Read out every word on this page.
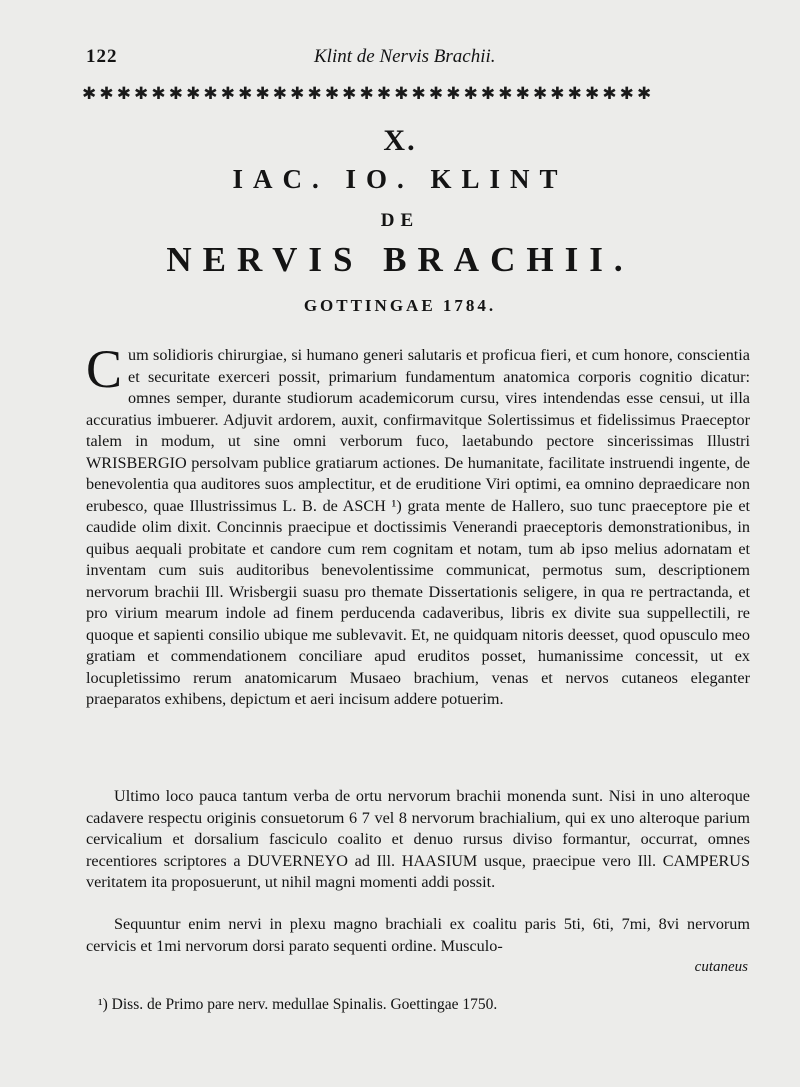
122	Klint de Nervis Brachii.
✱✱✱✱✱✱✱✱✱✱✱✱✱✱✱✱✱✱✱✱✱✱✱✱✱✱✱✱✱✱✱✱✱
X.
IAC. IO. KLINT
DE
NERVIS BRACHII.
GOTTINGAE 1784.

Cum solidioris chirurgiae, si humano generi salutaris et proficua fieri, et cum honore, conscientia et securitate exerceri possit, primarium fundamentum anatomica corporis cognitio dicatur: omnes semper, durante studiorum academicorum cursu, vires intendendas esse censui, ut illa accuratius imbuerer. Adjuvit ardorem, auxit, confirmavitque Solertissimus et fidelissimus Praeceptor talem in modum, ut sine omni verborum fuco, laetabundo pectore sincerissimas Illustri WRISBERGIO persolvam publice gratiarum actiones. De humanitate, facilitate instruendi ingente, de benevolentia qua auditores suos amplectitur, et de eruditione Viri optimi, ea omnino depraedicare non erubesco, quae Illustrissimus L. B. de ASCH ¹) grata mente de Hallero, suo tunc praeceptore pie et caudide olim dixit. Concinnis praecipue et doctissimis Venerandi praeceptoris demonstrationibus, in quibus aequali probitate et candore cum rem cognitam et notam, tum ab ipso melius adornatam et inventam cum suis auditoribus benevolentissime communicat, permotus sum, descriptionem nervorum brachii Ill. Wrisbergii suasu pro themate Dissertationis seligere, in qua re pertractanda, et pro virium mearum indole ad finem perducenda cadaveribus, libris ex divite sua suppellectili, re quoque et sapienti consilio ubique me sublevavit. Et, ne quidquam nitoris deesset, quod opusculo meo gratiam et commendationem conciliare apud eruditos posset, humanissime concessit, ut ex locupletissimo rerum anatomicarum Musaeo brachium, venas et nervos cutaneos eleganter praeparatos exhibens, depictum et aeri incisum addere potuerim.

Ultimo loco pauca tantum verba de ortu nervorum brachii monenda sunt. Nisi in uno alteroque cadavere respectu originis consuetorum 6 7 vel 8 nervorum brachialium, qui ex uno alteroque parium cervicalium et dorsalium fasciculo coalito et denuo rursus diviso formantur, occurrat, omnes recentiores scriptores a DUVERNEYO ad Ill. HAASIUM usque, praecipue vero Ill. CAMPERUS veritatem ita proposuerunt, ut nihil magni momenti addi possit.

Sequuntur enim nervi in plexu magno brachiali ex coalitu paris 5ti, 6ti, 7mi, 8vi nervorum cervicis et 1mi nervorum dorsi parato sequenti ordine. Musculo-

cutaneus
¹) Diss. de Primo pare nerv. medullae Spinalis. Goettingae 1750.
